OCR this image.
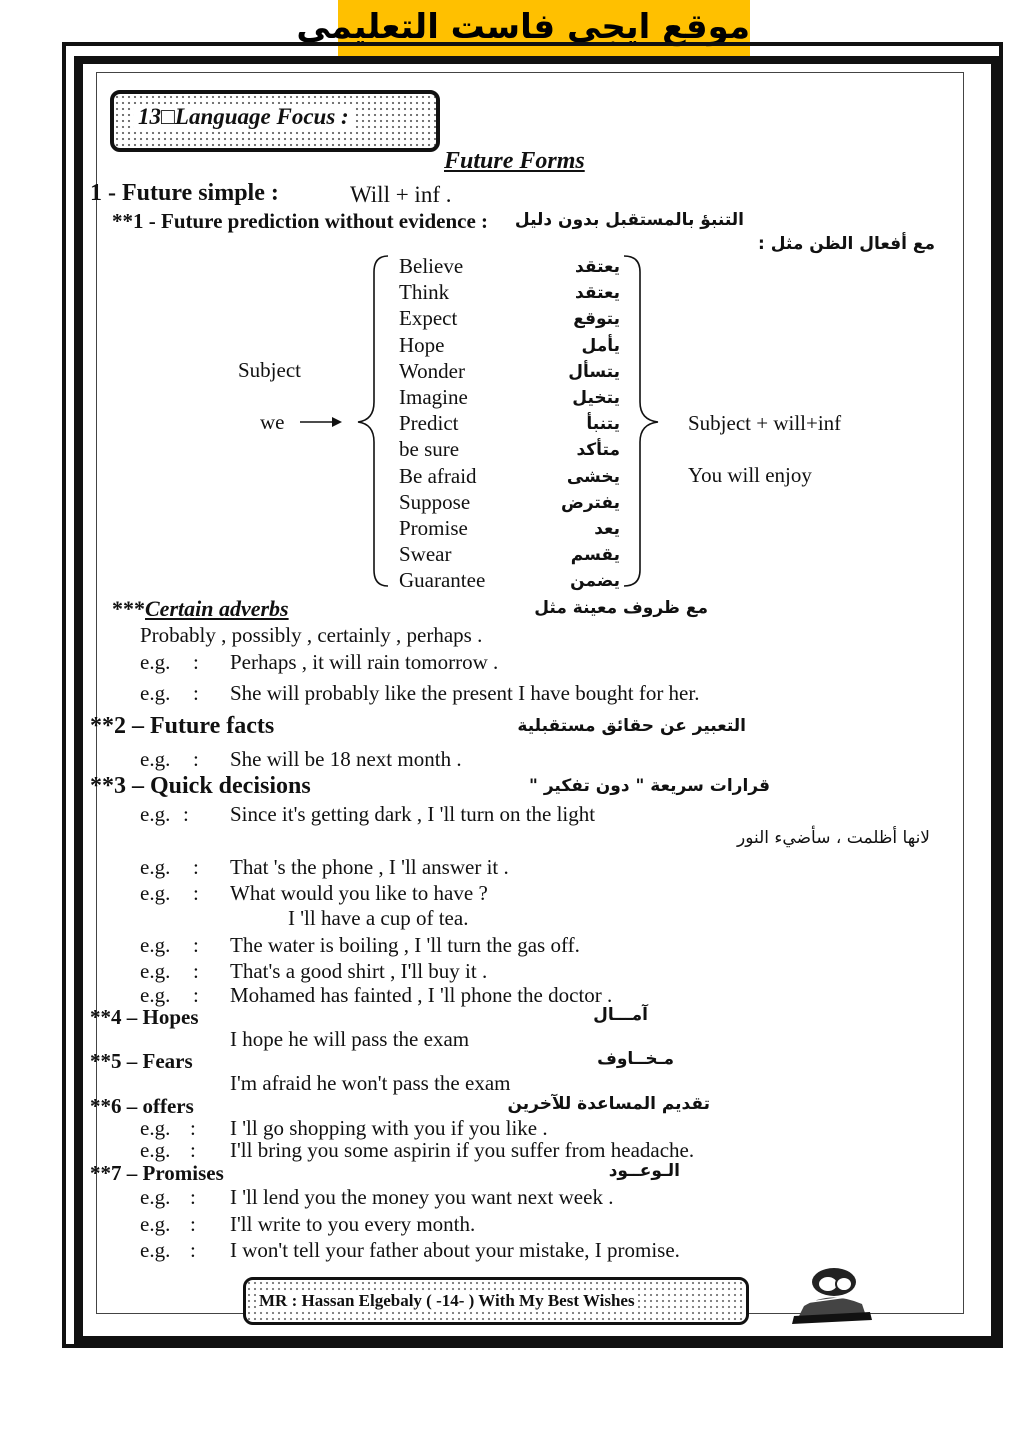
موقع ايجى فاست التعليمى
13□Language Focus :
Future Forms
1 - Future simple :	Will + inf .
**1 - Future prediction without evidence : التنبؤ بالمستقبل بدون دليل
مع أفعال الظن مثل :
Subject
we
Believe	يعتقد
Think	يعتقد
Expect	يتوقع
Hope	يأمل
Wonder	يتسأل
Imagine	يتخيل
Predict	يتنبأ
be sure	متأكد
Be afraid	يخشى
Suppose	يفترض
Promise	يعد
Swear	يقسم
Guarantee	يضمن
Subject + will+inf
You will enjoy
***Certain adverbs	مع ظروف معينة مثل
Probably , possibly , certainly , perhaps .
e.g. : Perhaps , it will rain tomorrow .
e.g. : She will probably like the present I have bought for her.
**2 – Future facts	التعبير عن حقائق مستقبلية
e.g. : She will be 18 next month .
**3 – Quick decisions	قرارات سريعة " دون تفكير "
e.g. : Since it's getting dark , I 'll turn on the light
لانها أظلمت ، سأضيء النور
e.g. : That 's the phone , I 'll answer it .
e.g. : What would you like to have ?
I 'll have a cup of tea.
e.g. : The water is boiling , I 'll turn the gas off.
e.g. : That's a good shirt , I'll buy it .
e.g. : Mohamed has fainted , I 'll phone the doctor .
**4 – Hopes	آمـــال
I hope he will pass the exam
**5 – Fears	مـخــاوف
I'm afraid he won't pass the exam
**6 – offers	تقديم المساعدة للآخرين
e.g. : I 'll go shopping with you if you like .
e.g. : I'll bring you some aspirin if you suffer from headache.
**7 – Promises	الـوعــود
e.g. : I 'll lend you the money you want next week .
e.g. : I'll write to you every month.
e.g. : I won't tell your father about your mistake, I promise.
MR : Hassan Elgebaly ( -14- ) With My Best Wishes
